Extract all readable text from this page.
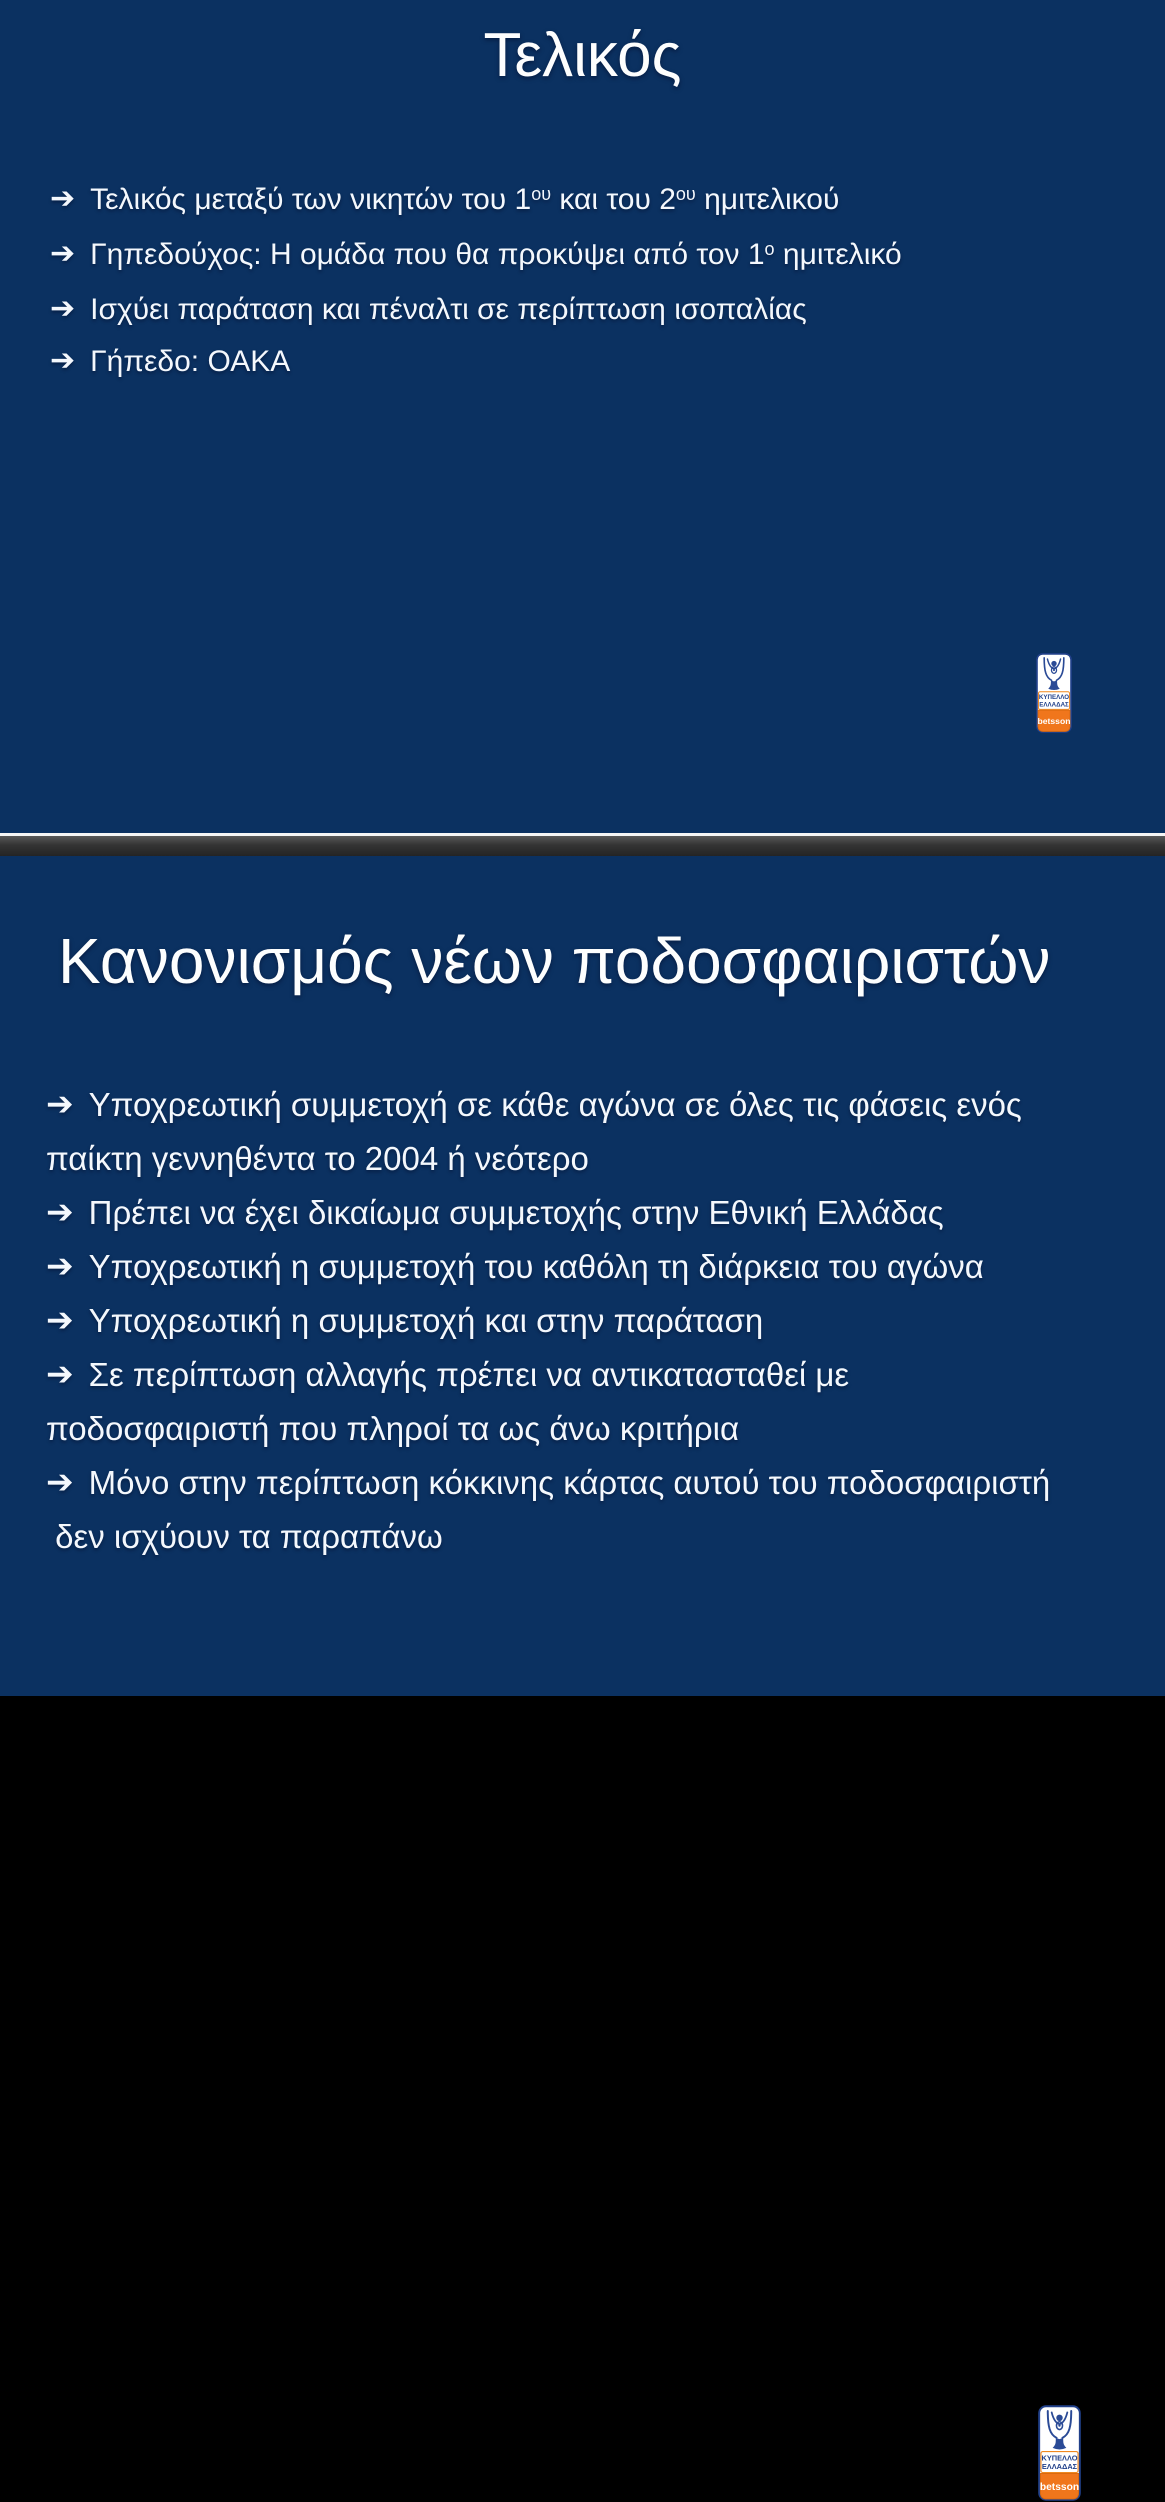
Τελικός
➔ Τελικός μεταξύ των νικητών του $1^{o\upsilon}$ και του $2^{o\upsilon}$ ημιτελικού
➔ Γηπεδούχος: Η ομάδα που θα προκύψει από τον $1^o$ ημιτελικό
➔ Ισχύει παράταση και πέναλτι σε περίπτωση ισοπαλίας
➔ Γήπεδο: ΟΑΚΑ
ΚΥΠΕΛΛΟ
ΕΛΛΑΔΑΣ
betsson
Κανονισμός νέων ποδοσφαιριστών
➔ Υποχρεωτική συμμετοχή σε κάθε αγώνα σε όλες τις φάσεις ενός
παίκτη γεννηθέντα το 2004 ή νεότερο
➔ Πρέπει να έχει δικαίωμα συμμετοχής στην Εθνική Ελλάδας
➔ Υποχρεωτική η συμμετοχή του καθόλη τη διάρκεια του αγώνα
➔ Υποχρεωτική η συμμετοχή και στην παράταση
➔ Σε περίπτωση αλλαγής πρέπει να αντικατασταθεί με
ποδοσφαιριστή που πληροί τα ως άνω κριτήρια
➔ Μόνο στην περίπτωση κόκκινης κάρτας αυτού του ποδοσφαιριστή
δεν ισχύουν τα παραπάνω
ΚΥΠΕΛΛΟ
ΕΛΛΑΔΑΣ
betsson
